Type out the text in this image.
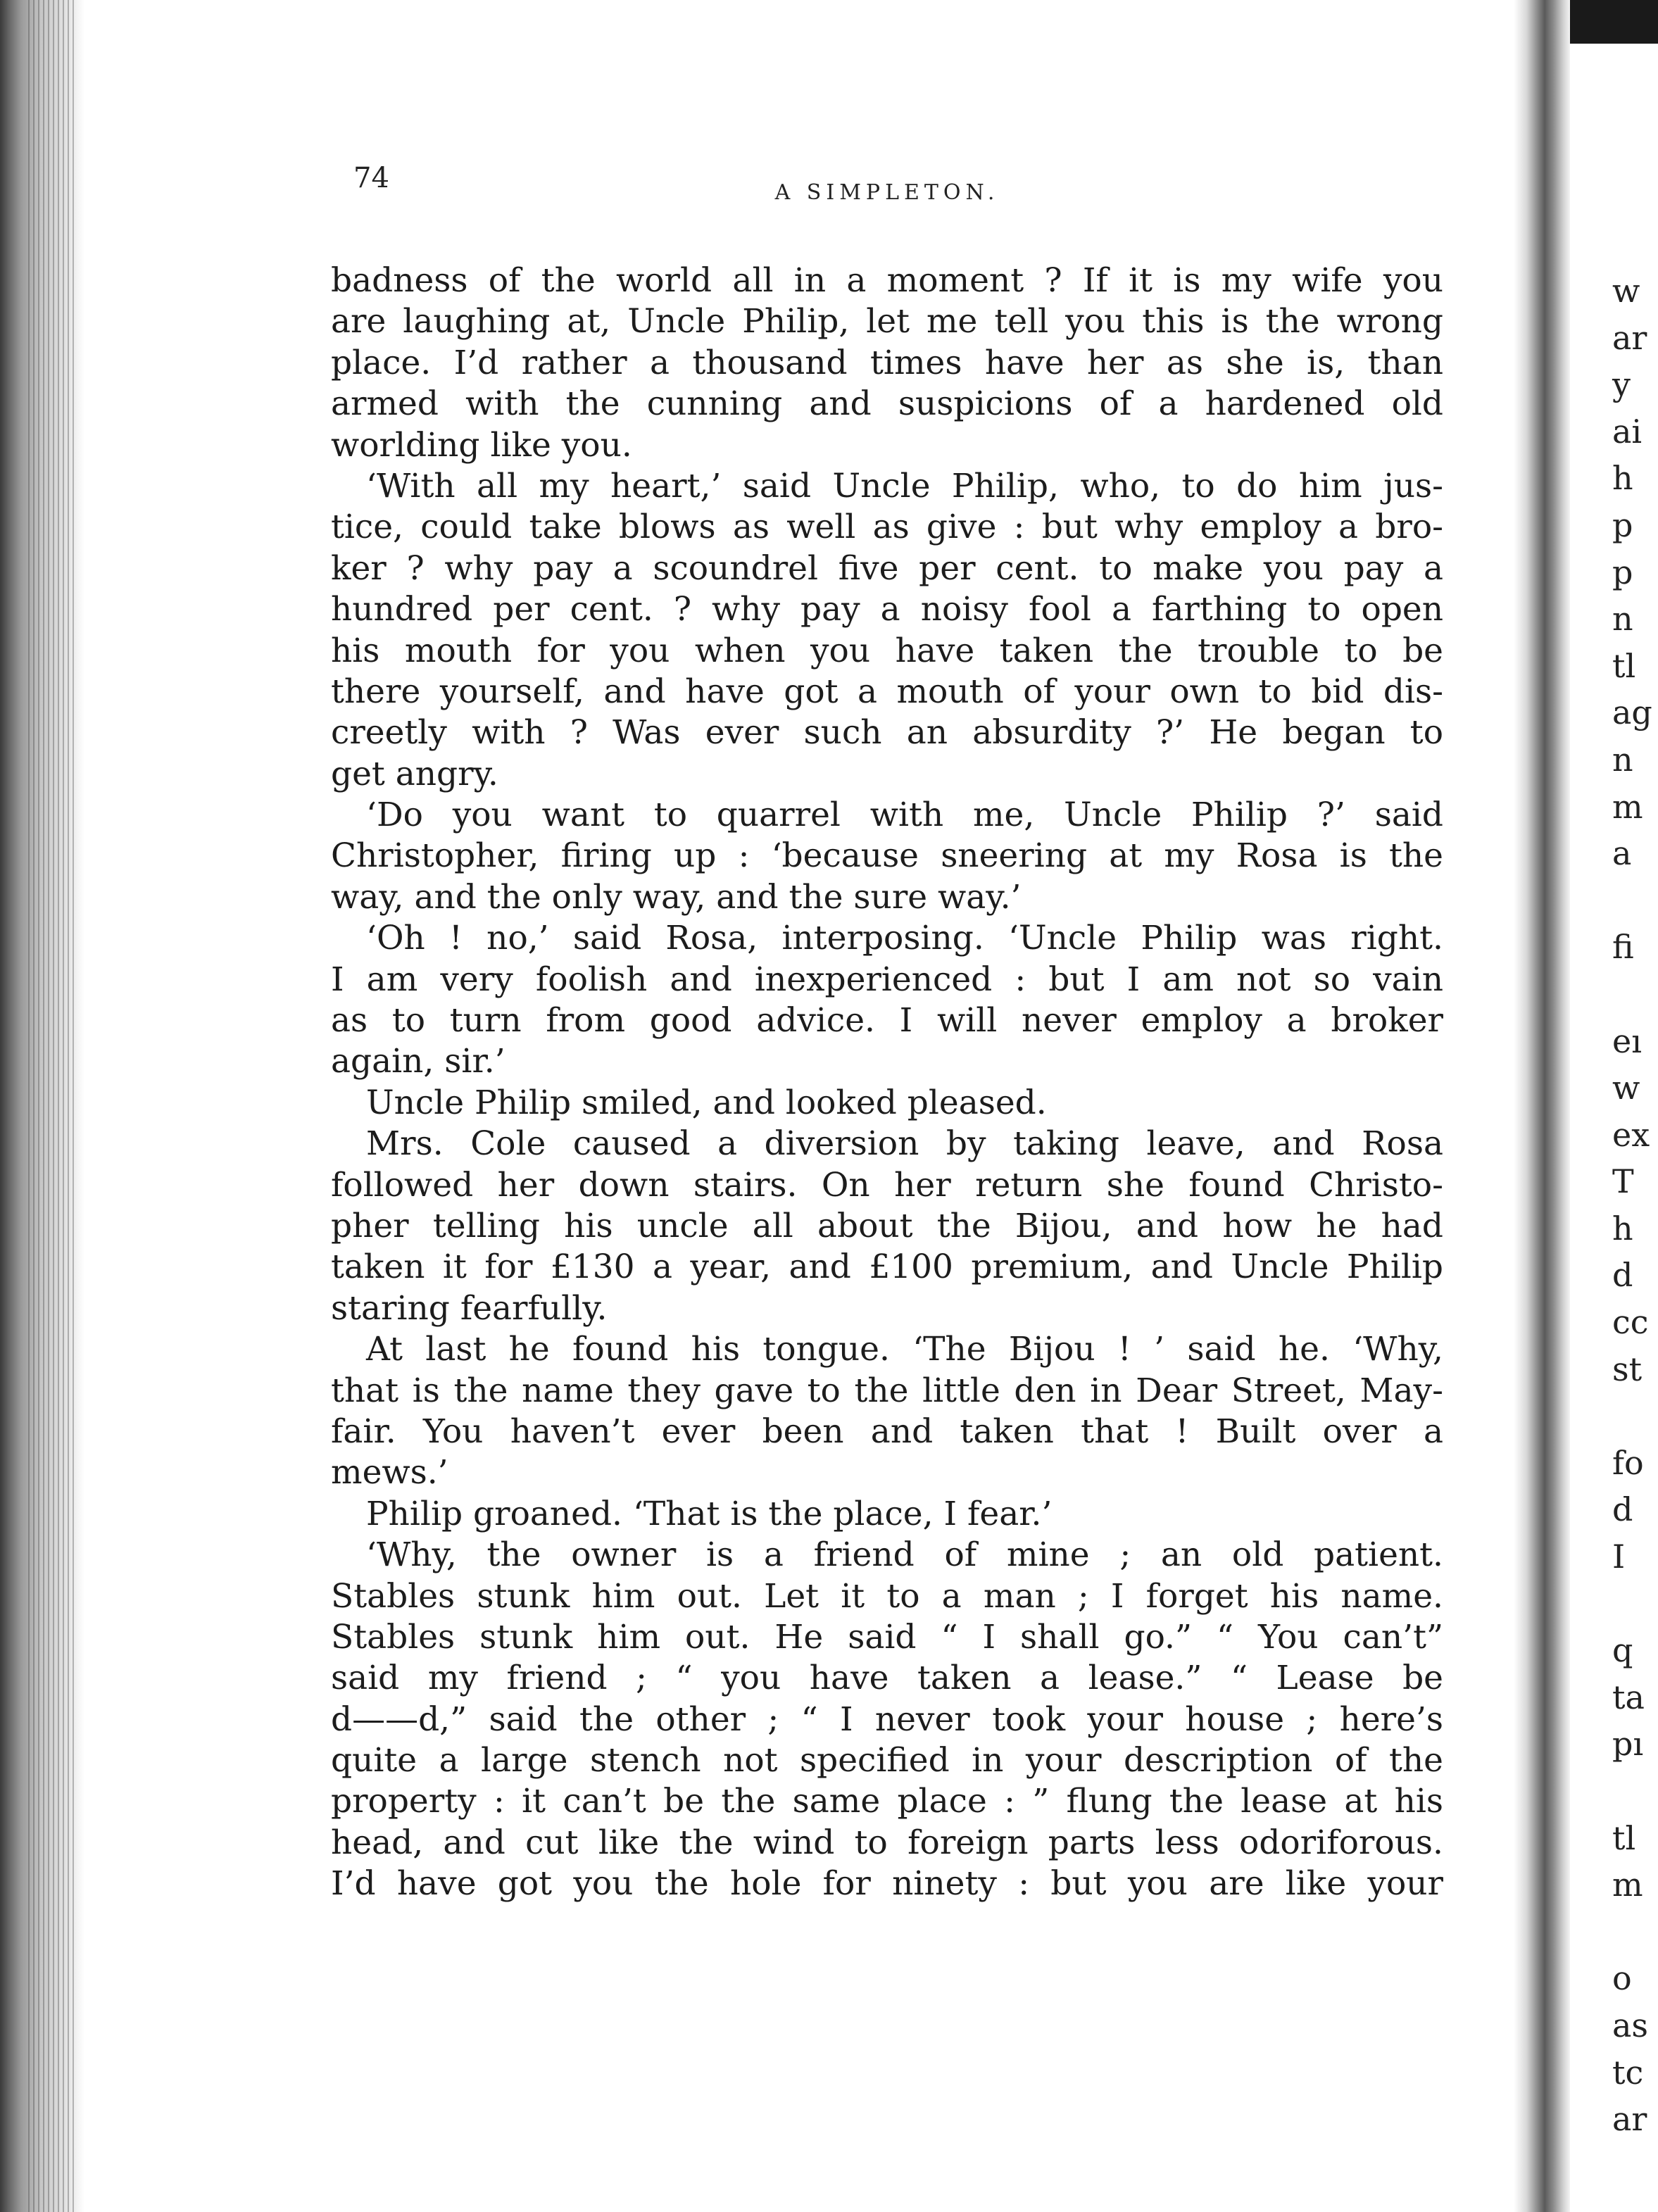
74	A SIMPLETON.
badness of the world all in a moment ? If it is my wife you
are laughing at, Uncle Philip, let me tell you this is the wrong
place. I’d rather a thousand times have her as she is, than
armed with the cunning and suspicions of a hardened old
worlding like you.
‘With all my heart,’ said Uncle Philip, who, to do him jus-
tice, could take blows as well as give : but why employ a bro-
ker ? why pay a scoundrel five per cent. to make you pay a
hundred per cent. ? why pay a noisy fool a farthing to open
his mouth for you when you have taken the trouble to be
there yourself, and have got a mouth of your own to bid dis-
creetly with ? Was ever such an absurdity ?’ He began to
get angry.
‘Do you want to quarrel with me, Uncle Philip ?’ said
Christopher, firing up : ‘because sneering at my Rosa is the
way, and the only way, and the sure way.’
‘Oh ! no,’ said Rosa, interposing. ‘Uncle Philip was right.
I am very foolish and inexperienced : but I am not so vain
as to turn from good advice. I will never employ a broker
again, sir.’
Uncle Philip smiled, and looked pleased.
Mrs. Cole caused a diversion by taking leave, and Rosa
followed her down stairs. On her return she found Christo-
pher telling his uncle all about the Bijou, and how he had
taken it for £130 a year, and £100 premium, and Uncle Philip
staring fearfully.
At last he found his tongue. ‘The Bijou ! ’ said he. ‘Why,
that is the name they gave to the little den in Dear Street, May-
fair. You haven’t ever been and taken that ! Built over a
mews.’
Philip groaned. ‘That is the place, I fear.’
‘Why, the owner is a friend of mine ; an old patient.
Stables stunk him out. Let it to a man ; I forget his name.
Stables stunk him out. He said “ I shall go.” “ You can’t”
said my friend ; “ you have taken a lease.” “ Lease be
d——d,” said the other ; “ I never took your house ; here’s
quite a large stench not specified in your description of the
property : it can’t be the same place : ” flung the lease at his
head, and cut like the wind to foreign parts less odoriforous.
I’d have got you the hole for ninety : but you are like your
w
ar
y
ai
h
p
p
n
tl
ag
n
m
a
fi
eı
w
ex
T
h
d
cc
st
fo
d
I
q
ta
pı
tl
m
o
as
tc
ar
